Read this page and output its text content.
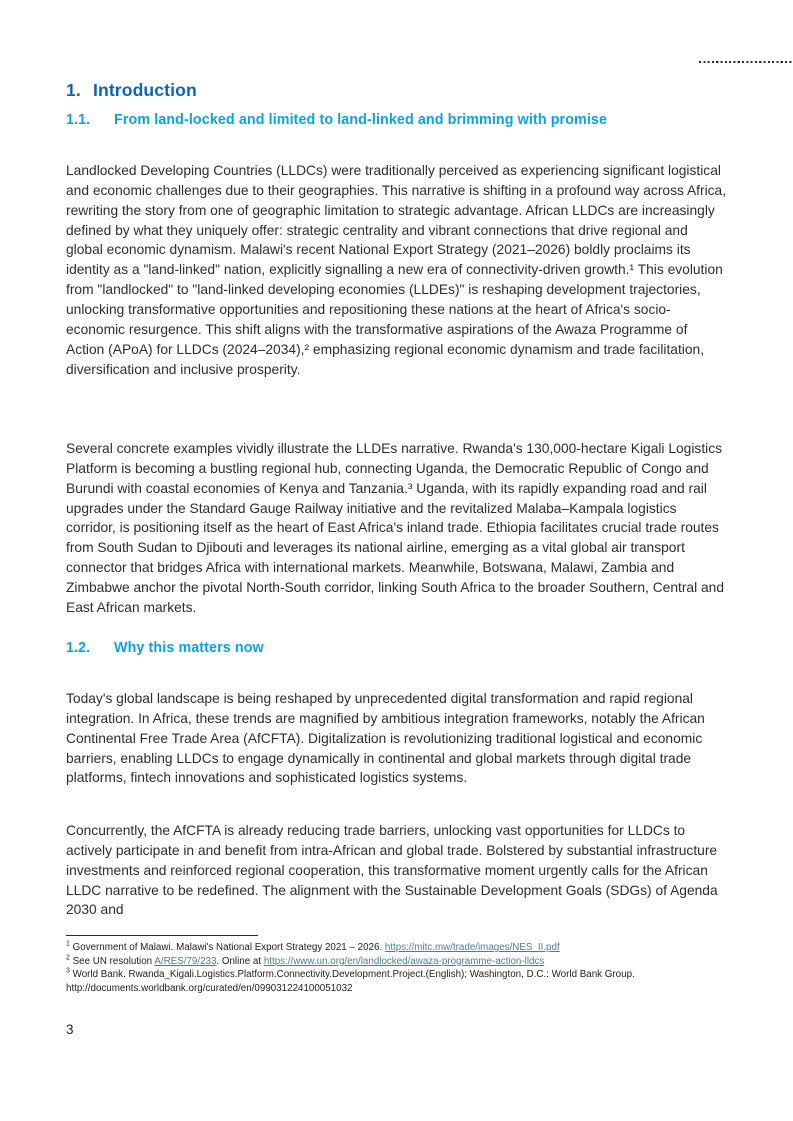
1. Introduction
1.1. From land-locked and limited to land-linked and brimming with promise

Landlocked Developing Countries (LLDCs) were traditionally perceived as experiencing significant logistical and economic challenges due to their geographies. This narrative is shifting in a profound way across Africa, rewriting the story from one of geographic limitation to strategic advantage. African LLDCs are increasingly defined by what they uniquely offer: strategic centrality and vibrant connections that drive regional and global economic dynamism. Malawi's recent National Export Strategy (2021–2026) boldly proclaims its identity as a "land-linked" nation, explicitly signalling a new era of connectivity-driven growth.¹ This evolution from "landlocked" to "land-linked developing economies (LLDEs)" is reshaping development trajectories, unlocking transformative opportunities and repositioning these nations at the heart of Africa's socio-economic resurgence. This shift aligns with the transformative aspirations of the Awaza Programme of Action (APoA) for LLDCs (2024–2034),² emphasizing regional economic dynamism and trade facilitation, diversification and inclusive prosperity.

Several concrete examples vividly illustrate the LLDEs narrative. Rwanda's 130,000-hectare Kigali Logistics Platform is becoming a bustling regional hub, connecting Uganda, the Democratic Republic of Congo and Burundi with coastal economies of Kenya and Tanzania.³ Uganda, with its rapidly expanding road and rail upgrades under the Standard Gauge Railway initiative and the revitalized Malaba–Kampala logistics corridor, is positioning itself as the heart of East Africa's inland trade. Ethiopia facilitates crucial trade routes from South Sudan to Djibouti and leverages its national airline, emerging as a vital global air transport connector that bridges Africa with international markets. Meanwhile, Botswana, Malawi, Zambia and Zimbabwe anchor the pivotal North-South corridor, linking South Africa to the broader Southern, Central and East African markets.

1.2. Why this matters now

Today's global landscape is being reshaped by unprecedented digital transformation and rapid regional integration. In Africa, these trends are magnified by ambitious integration frameworks, notably the African Continental Free Trade Area (AfCFTA). Digitalization is revolutionizing traditional logistical and economic barriers, enabling LLDCs to engage dynamically in continental and global markets through digital trade platforms, fintech innovations and sophisticated logistics systems.

Concurrently, the AfCFTA is already reducing trade barriers, unlocking vast opportunities for LLDCs to actively participate in and benefit from intra-African and global trade. Bolstered by substantial infrastructure investments and reinforced regional cooperation, this transformative moment urgently calls for the African LLDC narrative to be redefined. The alignment with the Sustainable Development Goals (SDGs) of Agenda 2030 and

$^1$ Government of Malawi. Malawi's National Export Strategy 2021 – 2026. https://mitc.mw/trade/images/NES_II.pdf
$^2$ See UN resolution A/RES/79/233. Online at https://www.un.org/en/landlocked/awaza-programme-action-lldcs
$^3$ World Bank. Rwanda_Kigali.Logistics.Platform.Connectivity.Development.Project.(English); Washington, D.C.: World Bank Group. http://documents.worldbank.org/curated/en/099031224100051032
3
